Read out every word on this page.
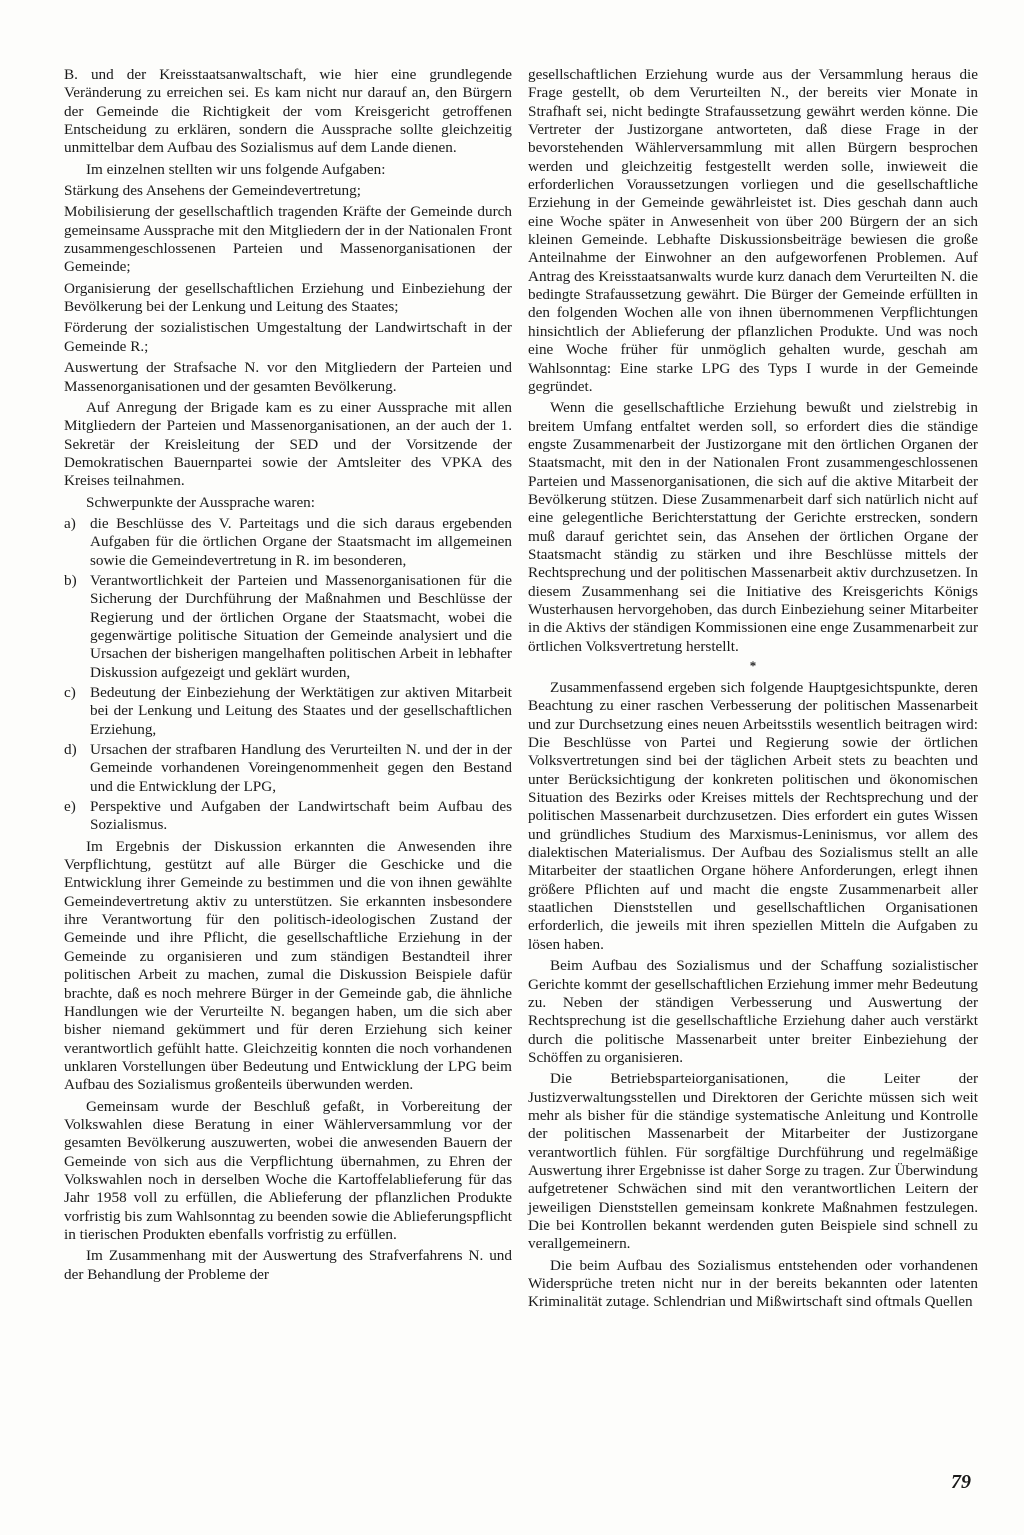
B. und der Kreisstaatsanwaltschaft, wie hier eine grundlegende Veränderung zu erreichen sei. Es kam nicht nur darauf an, den Bürgern der Gemeinde die Richtigkeit der vom Kreisgericht getroffenen Entscheidung zu erklären, sondern die Aussprache sollte gleichzeitig unmittelbar dem Aufbau des Sozialismus auf dem Lande dienen.

Im einzelnen stellten wir uns folgende Aufgaben:

Stärkung des Ansehens der Gemeindevertretung;

Mobilisierung der gesellschaftlich tragenden Kräfte der Gemeinde durch gemeinsame Aussprache mit den Mitgliedern der in der Nationalen Front zusammengeschlossenen Parteien und Massenorganisationen der Gemeinde;

Organisierung der gesellschaftlichen Erziehung und Einbeziehung der Bevölkerung bei der Lenkung und Leitung des Staates;

Förderung der sozialistischen Umgestaltung der Landwirtschaft in der Gemeinde R.;

Auswertung der Strafsache N. vor den Mitgliedern der Parteien und Massenorganisationen und der gesamten Bevölkerung.

Auf Anregung der Brigade kam es zu einer Aussprache mit allen Mitgliedern der Parteien und Massenorganisationen, an der auch der 1. Sekretär der Kreisleitung der SED und der Vorsitzende der Demokratischen Bauernpartei sowie der Amtsleiter des VPKA des Kreises teilnahmen.

Schwerpunkte der Aussprache waren:

a) die Beschlüsse des V. Parteitags und die sich daraus ergebenden Aufgaben für die örtlichen Organe der Staatsmacht im allgemeinen sowie die Gemeindevertretung in R. im besonderen,
b) Verantwortlichkeit der Parteien und Massenorganisationen für die Sicherung der Durchführung der Maßnahmen und Beschlüsse der Regierung und der örtlichen Organe der Staatsmacht, wobei die gegenwärtige politische Situation der Gemeinde analysiert und die Ursachen der bisherigen mangelhaften politischen Arbeit in lebhafter Diskussion aufgezeigt und geklärt wurden,
c) Bedeutung der Einbeziehung der Werktätigen zur aktiven Mitarbeit bei der Lenkung und Leitung des Staates und der gesellschaftlichen Erziehung,
d) Ursachen der strafbaren Handlung des Verurteilten N. und der in der Gemeinde vorhandenen Voreingenommenheit gegen den Bestand und die Entwicklung der LPG,
e) Perspektive und Aufgaben der Landwirtschaft beim Aufbau des Sozialismus.

Im Ergebnis der Diskussion erkannten die Anwesenden ihre Verpflichtung, gestützt auf alle Bürger die Geschicke und die Entwicklung ihrer Gemeinde zu bestimmen und die von ihnen gewählte Gemeindevertretung aktiv zu unterstützen. Sie erkannten insbesondere ihre Verantwortung für den politisch-ideologischen Zustand der Gemeinde und ihre Pflicht, die gesellschaftliche Erziehung in der Gemeinde zu organisieren und zum ständigen Bestandteil ihrer politischen Arbeit zu machen, zumal die Diskussion Beispiele dafür brachte, daß es noch mehrere Bürger in der Gemeinde gab, die ähnliche Handlungen wie der Verurteilte N. begangen haben, um die sich aber bisher niemand gekümmert und für deren Erziehung sich keiner verantwortlich gefühlt hatte. Gleichzeitig konnten die noch vorhandenen unklaren Vorstellungen über Bedeutung und Entwicklung der LPG beim Aufbau des Sozialismus großenteils überwunden werden.

Gemeinsam wurde der Beschluß gefaßt, in Vorbereitung der Volkswahlen diese Beratung in einer Wählerversammlung vor der gesamten Bevölkerung auszuwerten, wobei die anwesenden Bauern der Gemeinde von sich aus die Verpflichtung übernahmen, zu Ehren der Volkswahlen noch in derselben Woche die Kartoffelablieferung für das Jahr 1958 voll zu erfüllen, die Ablieferung der pflanzlichen Produkte vorfristig bis zum Wahlsonntag zu beenden sowie die Ablieferungspflicht in tierischen Produkten ebenfalls vorfristig zu erfüllen.

Im Zusammenhang mit der Auswertung des Strafverfahrens N. und der Behandlung der Probleme der

gesellschaftlichen Erziehung wurde aus der Versammlung heraus die Frage gestellt, ob dem Verurteilten N., der bereits vier Monate in Strafhaft sei, nicht bedingte Strafaussetzung gewährt werden könne. Die Vertreter der Justizorgane antworteten, daß diese Frage in der bevorstehenden Wählerversammlung mit allen Bürgern besprochen werden und gleichzeitig festgestellt werden solle, inwieweit die erforderlichen Voraussetzungen vorliegen und die gesellschaftliche Erziehung in der Gemeinde gewährleistet ist. Dies geschah dann auch eine Woche später in Anwesenheit von über 200 Bürgern der an sich kleinen Gemeinde. Lebhafte Diskussionsbeiträge bewiesen die große Anteilnahme der Einwohner an den aufgeworfenen Problemen. Auf Antrag des Kreisstaatsanwalts wurde kurz danach dem Verurteilten N. die bedingte Strafaussetzung gewährt. Die Bürger der Gemeinde erfüllten in den folgenden Wochen alle von ihnen übernommenen Verpflichtungen hinsichtlich der Ablieferung der pflanzlichen Produkte. Und was noch eine Woche früher für unmöglich gehalten wurde, geschah am Wahlsonntag: Eine starke LPG des Typs I wurde in der Gemeinde gegründet.

Wenn die gesellschaftliche Erziehung bewußt und zielstrebig in breitem Umfang entfaltet werden soll, so erfordert dies die ständige engste Zusammenarbeit der Justizorgane mit den örtlichen Organen der Staatsmacht, mit den in der Nationalen Front zusammengeschlossenen Parteien und Massenorganisationen, die sich auf die aktive Mitarbeit der Bevölkerung stützen. Diese Zusammenarbeit darf sich natürlich nicht auf eine gelegentliche Berichterstattung der Gerichte erstrecken, sondern muß darauf gerichtet sein, das Ansehen der örtlichen Organe der Staatsmacht ständig zu stärken und ihre Beschlüsse mittels der Rechtsprechung und der politischen Massenarbeit aktiv durchzusetzen. In diesem Zusammenhang sei die Initiative des Kreisgerichts Königs Wusterhausen hervorgehoben, das durch Einbeziehung seiner Mitarbeiter in die Aktivs der ständigen Kommissionen eine enge Zusammenarbeit zur örtlichen Volksvertretung herstellt.

*

Zusammenfassend ergeben sich folgende Hauptgesichtspunkte, deren Beachtung zu einer raschen Verbesserung der politischen Massenarbeit und zur Durchsetzung eines neuen Arbeitsstils wesentlich beitragen wird: Die Beschlüsse von Partei und Regierung sowie der örtlichen Volksvertretungen sind bei der täglichen Arbeit stets zu beachten und unter Berücksichtigung der konkreten politischen und ökonomischen Situation des Bezirks oder Kreises mittels der Rechtsprechung und der politischen Massenarbeit durchzusetzen. Dies erfordert ein gutes Wissen und gründliches Studium des Marxismus-Leninismus, vor allem des dialektischen Materialismus. Der Aufbau des Sozialismus stellt an alle Mitarbeiter der staatlichen Organe höhere Anforderungen, erlegt ihnen größere Pflichten auf und macht die engste Zusammenarbeit aller staatlichen Dienststellen und gesellschaftlichen Organisationen erforderlich, die jeweils mit ihren speziellen Mitteln die Aufgaben zu lösen haben.

Beim Aufbau des Sozialismus und der Schaffung sozialistischer Gerichte kommt der gesellschaftlichen Erziehung immer mehr Bedeutung zu. Neben der ständigen Verbesserung und Auswertung der Rechtsprechung ist die gesellschaftliche Erziehung daher auch verstärkt durch die politische Massenarbeit unter breiter Einbeziehung der Schöffen zu organisieren.

Die Betriebsparteiorganisationen, die Leiter der Justizverwaltungsstellen und Direktoren der Gerichte müssen sich weit mehr als bisher für die ständige systematische Anleitung und Kontrolle der politischen Massenarbeit der Mitarbeiter der Justizorgane verantwortlich fühlen. Für sorgfältige Durchführung und regelmäßige Auswertung ihrer Ergebnisse ist daher Sorge zu tragen. Zur Überwindung aufgetretener Schwächen sind mit den verantwortlichen Leitern der jeweiligen Dienststellen gemeinsam konkrete Maßnahmen festzulegen. Die bei Kontrollen bekannt werdenden guten Beispiele sind schnell zu verallgemeinern.

Die beim Aufbau des Sozialismus entstehenden oder vorhandenen Widersprüche treten nicht nur in der bereits bekannten oder latenten Kriminalität zutage. Schlendrian und Mißwirtschaft sind oftmals Quellen

79
